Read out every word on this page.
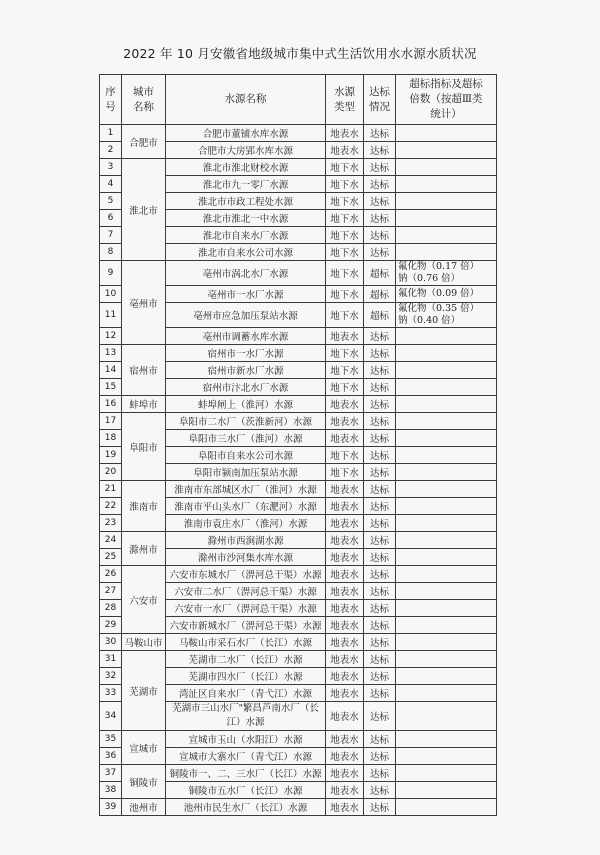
2022 年 10 月安徽省地级城市集中式生活饮用水水源水质状况
序
号	城市
名称	水源名称	水源
类型	达标
情况	超标指标及超标
倍数（按超Ⅲ类
统计）

1	合肥市	合肥市董铺水库水源	地表水	达标	
2		合肥市大房郢水库水源	地表水	达标	
3	淮北市	淮北市淮北财校水源	地下水	达标	
4		淮北市九一零厂水源	地下水	达标	
5		淮北市市政工程处水源	地下水	达标	
6		淮北市淮北一中水源	地下水	达标	
7		淮北市自来水厂水源	地下水	达标	
8		淮北市自来水公司水源	地下水	达标	
9	亳州市	亳州市涡北水厂水源	地下水	超标	氟化物（0.17 倍）
钠（0.76 倍）

10		亳州市一水厂水源	地下水	超标	氟化物（0.09 倍）

11		亳州市应急加压泵站水源	地下水	超标	氟化物（0.35 倍）
钠（0.40 倍）

12		亳州市调蓄水库水源	地表水	达标	
13	宿州市	宿州市一水厂水源	地下水	达标	
14		宿州市新水厂水源	地下水	达标	
15		宿州市汴北水厂水源	地下水	达标	
16	蚌埠市	蚌埠闸上（淮河）水源	地表水	达标	
17	阜阳市	阜阳市二水厂（茨淮新河）水源	地表水	达标	
18		阜阳市三水厂（淮河）水源	地表水	达标	
19		阜阳市自来水公司水源	地下水	达标	
20		阜阳市颍南加压泵站水源	地下水	达标	
21	淮南市	淮南市东部城区水厂（淮河）水源	地表水	达标	
22		淮南市平山头水厂（东淝河）水源	地表水	达标	
23		淮南市袁庄水厂（淮河）水源	地表水	达标	
24	滁州市	滁州市西涧湖水源	地表水	达标	
25		滁州市沙河集水库水源	地表水	达标	
26	六安市	六安市东城水厂（淠河总干渠）水源	地表水	达标	
27		六安市二水厂（淠河总干渠）水源	地表水	达标	
28		六安市一水厂（淠河总干渠）水源	地表水	达标	
29		六安市新城水厂（淠河总干渠）水源	地表水	达标	
30	马鞍山市	马鞍山市采石水厂（长江）水源	地表水	达标	
31	芜湖市	芜湖市二水厂（长江）水源	地表水	达标	
32		芜湖市四水厂（长江）水源	地表水	达标	
33		湾沚区自来水厂（青弋江）水源	地表水	达标	
34		芜湖市三山水厂"繁昌芦南水厂（长江）水源	地表水	达标	
35	宣城市	宣城市玉山（水阳江）水源	地表水	达标	
36		宣城市大寨水厂（青弋江）水源	地表水	达标	
37	铜陵市	铜陵市一、二、三水厂（长江）水源	地表水	达标	
38		铜陵市五水厂（长江）水源	地表水	达标	
39	池州市	池州市民生水厂（长江）水源	地表水	达标	
